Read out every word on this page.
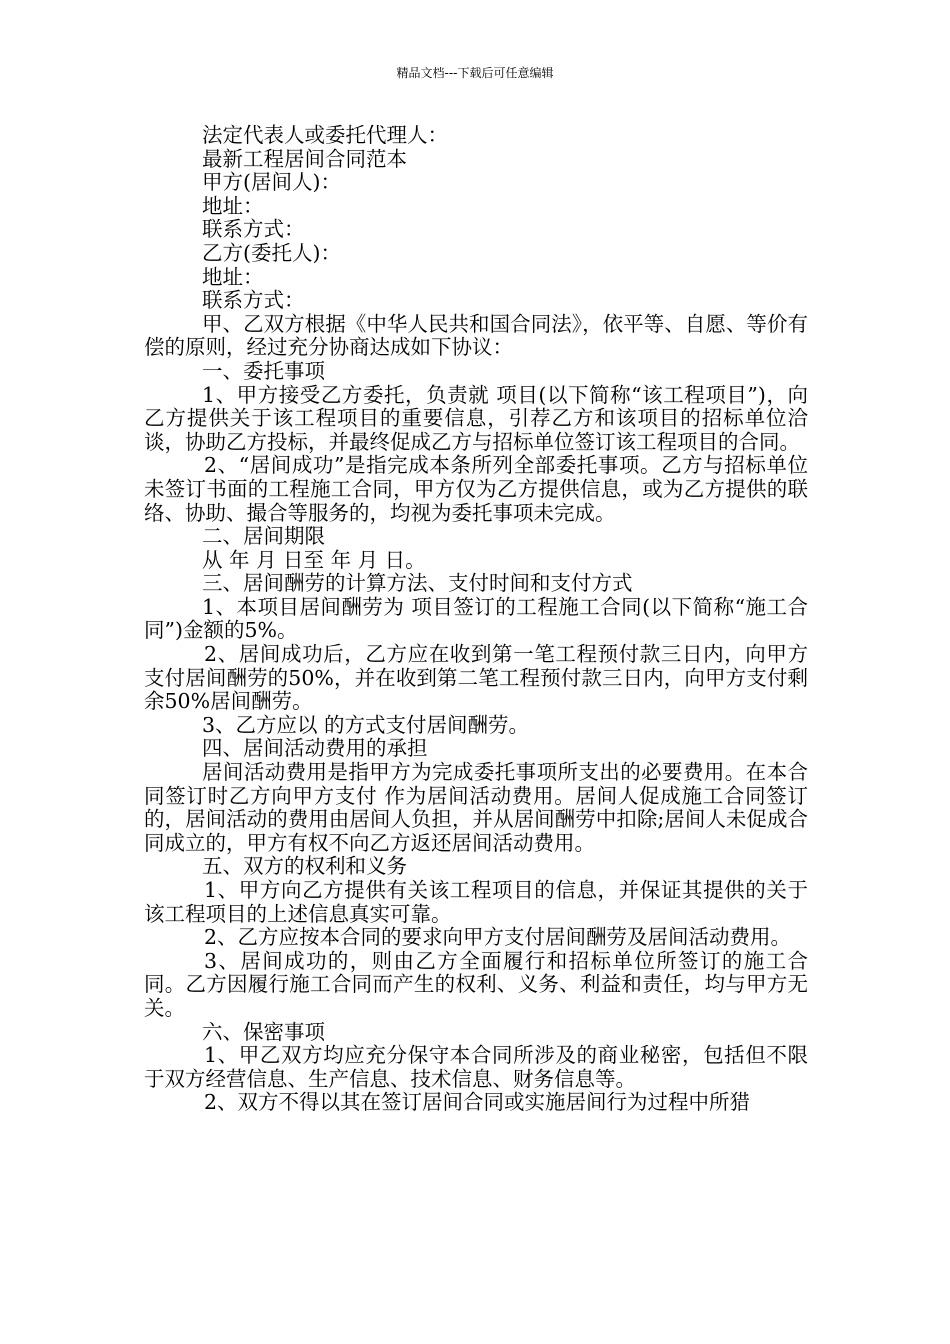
精品文档---下载后可任意编辑

法定代表人或委托代理人：

最新工程居间合同范本

甲方(居间人)：

地址：

联系方式：

乙方(委托人)：

地址：

联系方式：

甲、乙双方根据《中华人民共和国合同法》，依平等、自愿、等价有偿的原则，经过充分协商达成如下协议：

一、委托事项

1、甲方接受乙方委托，负责就 项目(以下简称“该工程项目”)，向乙方提供关于该工程项目的重要信息，引荐乙方和该项目的招标单位洽谈，协助乙方投标，并最终促成乙方与招标单位签订该工程项目的合同。

2、“居间成功”是指完成本条所列全部委托事项。乙方与招标单位未签订书面的工程施工合同，甲方仅为乙方提供信息，或为乙方提供的联络、协助、撮合等服务的，均视为委托事项未完成。

二、居间期限

从 年 月 日至 年 月 日。

三、居间酬劳的计算方法、支付时间和支付方式

1、本项目居间酬劳为 项目签订的工程施工合同(以下简称“施工合同”)金额的5%。

2、居间成功后，乙方应在收到第一笔工程预付款三日内，向甲方支付居间酬劳的50%，并在收到第二笔工程预付款三日内，向甲方支付剩余50%居间酬劳。

3、乙方应以 的方式支付居间酬劳。

四、居间活动费用的承担

居间活动费用是指甲方为完成委托事项所支出的必要费用。在本合同签订时乙方向甲方支付 作为居间活动费用。居间人促成施工合同签订的，居间活动的费用由居间人负担，并从居间酬劳中扣除;居间人未促成合同成立的，甲方有权不向乙方返还居间活动费用。

五、双方的权利和义务

1、甲方向乙方提供有关该工程项目的信息，并保证其提供的关于该工程项目的上述信息真实可靠。

2、乙方应按本合同的要求向甲方支付居间酬劳及居间活动费用。

3、居间成功的，则由乙方全面履行和招标单位所签订的施工合同。乙方因履行施工合同而产生的权利、义务、利益和责任，均与甲方无关。

六、保密事项

1、甲乙双方均应充分保守本合同所涉及的商业秘密，包括但不限于双方经营信息、生产信息、技术信息、财务信息等。

2、双方不得以其在签订居间合同或实施居间行为过程中所猎
